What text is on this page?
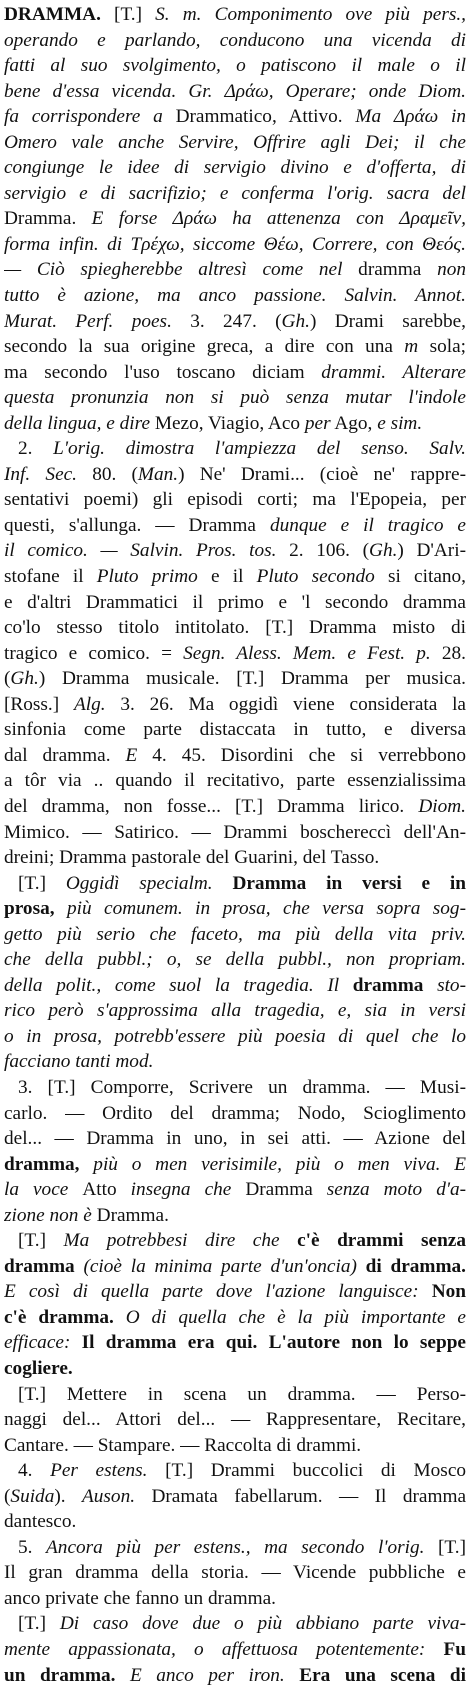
DRAMMA. [T.] S. m. Componimento ove più pers.,
operando e parlando, conducono una vicenda di
fatti al suo svolgimento, o patiscono il male o il
bene d'essa vicenda. Gr. Δράω, Operare; onde Diom.
fa corrispondere a Drammatico, Attivo. Ma Δράω in
Omero vale anche Servire, Offrire agli Dei; il che
congiunge le idee di servigio divino e d'offerta, di
servigio e di sacrifizio; e conferma l'orig. sacra del
Dramma. E forse Δράω ha attenenza con Δραμεῖν,
forma infin. di Τρέχω, siccome Θέω, Correre, con Θεός.
— Ciò spiegherebbe altresì come nel dramma non
tutto è azione, ma anco passione. Salvin. Annot.
Murat. Perf. poes. 3. 247. (Gh.) Drami sarebbe,
secondo la sua origine greca, a dire con una m sola;
ma secondo l'uso toscano diciam drammi. Alterare
questa pronunzia non si può senza mutar l'indole
della lingua, e dire Mezo, Viagio, Aco per Ago, e sim.
2. L'orig. dimostra l'ampiezza del senso. Salv.
Inf. Sec. 80. (Man.) Ne' Drami... (cioè ne' rappre-
sentativi poemi) gli episodi corti; ma l'Epopeia, per
questi, s'allunga. — Dramma dunque e il tragico e
il comico. — Salvin. Pros. tos. 2. 106. (Gh.) D'Ari-
stofane il Pluto primo e il Pluto secondo si citano,
e d'altri Drammatici il primo e 'l secondo dramma
co'lo stesso titolo intitolato. [T.] Dramma misto di
tragico e comico. = Segn. Aless. Mem. e Fest. p. 28.
(Gh.) Dramma musicale. [T.] Dramma per musica.
[Ross.] Alg. 3. 26. Ma oggidì viene considerata la
sinfonia come parte distaccata in tutto, e diversa
dal dramma. E 4. 45. Disordini che si verrebbono
a tôr via .. quando il recitativo, parte essenzialissima
del dramma, non fosse... [T.] Dramma lirico. Diom.
Mimico. — Satirico. — Drammi boschereccì dell'An-
dreini; Dramma pastorale del Guarini, del Tasso.
[T.] Oggidì specialm. Dramma in versi e in
prosa, più comunem. in prosa, che versa sopra sog-
getto più serio che faceto, ma più della vita priv.
che della pubbl.; o, se della pubbl., non propriam.
della polit., come suol la tragedia. Il dramma sto-
rico però s'approssima alla tragedia, e, sia in versi
o in prosa, potrebb'essere più poesia di quel che lo
facciano tanti mod.
3. [T.] Comporre, Scrivere un dramma. — Musi-
carlo. — Ordito del dramma; Nodo, Scioglimento
del... — Dramma in uno, in sei atti. — Azione del
dramma, più o men verisimile, più o men viva. E
la voce Atto insegna che Dramma senza moto d'a-
zione non è Dramma.
[T.] Ma potrebbesi dire che c'è drammi senza
dramma (cioè la minima parte d'un'oncia) di dramma.
E così di quella parte dove l'azione languisce: Non
c'è dramma. O di quella che è la più importante e
efficace: Il dramma era qui. L'autore non lo seppe
cogliere.
[T.] Mettere in scena un dramma. — Perso-
naggi del... Attori del... — Rappresentare, Recitare,
Cantare. — Stampare. — Raccolta di drammi.
4. Per estens. [T.] Drammi buccolici di Mosco
(Suida). Auson. Dramata fabellarum. — Il dramma
dantesco.
5. Ancora più per estens., ma secondo l'orig. [T.]
Il gran dramma della storia. — Vicende pubbliche e
anco private che fanno un dramma.
[T.] Di caso dove due o più abbiano parte viva-
mente appassionata, o affettuosa potentemente: Fu
un dramma. E anco per iron. Era una scena di
